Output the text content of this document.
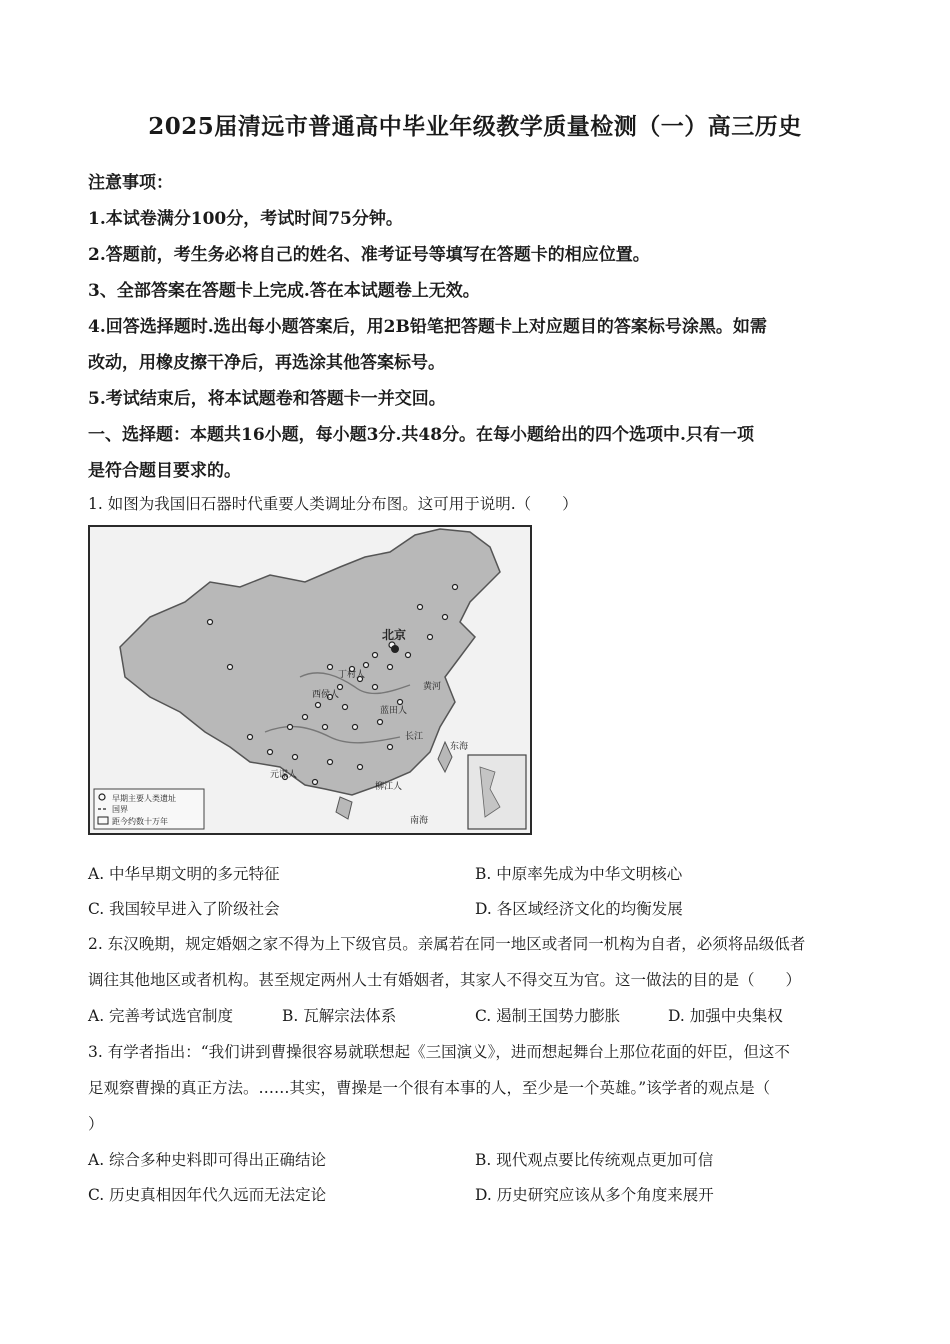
2025届清远市普通高中毕业年级教学质量检测（一）高三历史
注意事项：
1.本试卷满分100分，考试时间75分钟。
2.答题前，考生务必将自己的姓名、准考证号等填写在答题卡的相应位置。
3、全部答案在答题卡上完成.答在本试题卷上无效。
4.回答选择题时.选出每小题答案后，用2B铅笔把答题卡上对应题目的答案标号涂黑。如需
改动，用橡皮擦干净后，再选涂其他答案标号。
5.考试结束后，将本试题卷和答题卡一并交回。
一、选择题：本题共16小题，每小题3分.共48分。在每小题给出的四个选项中.只有一项
是符合题目要求的。
1. 如图为我国旧石器时代重要人类调址分布图。这可用于说明.（　　）
早期主要人类遗址
国界
距今约数十万年
北京
丁村人
西侯人
蓝田人
南海
长江
黄河
东海
元谋人
柳江人
A. 中华早期文明的多元特征	B. 中原率先成为中华文明核心
C. 我国较早进入了阶级社会	D. 各区域经济文化的均衡发展
2. 东汉晚期，规定婚姻之家不得为上下级官员。亲属若在同一地区或者同一机构为自者，必须将品级低者
调往其他地区或者机构。甚至规定两州人士有婚姻者，其家人不得交互为官。这一做法的目的是（　　）
A. 完善考试选官制度	B. 瓦解宗法体系	C. 遏制王国势力膨胀	D. 加强中央集权
3. 有学者指出：“我们讲到曹操很容易就联想起《三国演义》，进而想起舞台上那位花面的奸臣，但这不
足观察曹操的真正方法。……其实，曹操是一个很有本事的人，至少是一个英雄。”该学者的观点是（
）
A. 综合多种史料即可得出正确结论	B. 现代观点要比传统观点更加可信
C. 历史真相因年代久远而无法定论	D. 历史研究应该从多个角度来展开
